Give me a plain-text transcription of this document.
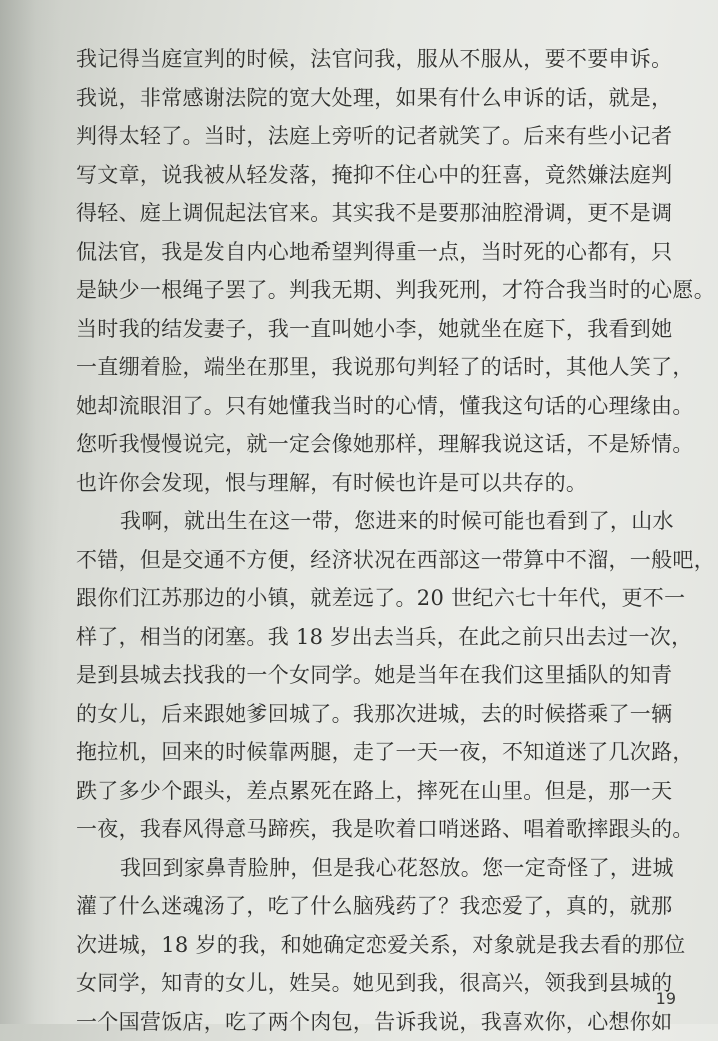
我记得当庭宣判的时候，法官问我，服从不服从，要不要申诉。
我说，非常感谢法院的宽大处理，如果有什么申诉的话，就是，
判得太轻了。当时，法庭上旁听的记者就笑了。后来有些小记者
写文章，说我被从轻发落，掩抑不住心中的狂喜，竟然嫌法庭判
得轻、庭上调侃起法官来。其实我不是要那油腔滑调，更不是调
侃法官，我是发自内心地希望判得重一点，当时死的心都有，只
是缺少一根绳子罢了。判我无期、判我死刑，才符合我当时的心愿。
当时我的结发妻子，我一直叫她小李，她就坐在庭下，我看到她
一直绷着脸，端坐在那里，我说那句判轻了的话时，其他人笑了，
她却流眼泪了。只有她懂我当时的心情，懂我这句话的心理缘由。
您听我慢慢说完，就一定会像她那样，理解我说这话，不是矫情。
也许你会发现，恨与理解，有时候也许是可以共存的。
我啊，就出生在这一带，您进来的时候可能也看到了，山水
不错，但是交通不方便，经济状况在西部这一带算中不溜，一般吧，
跟你们江苏那边的小镇，就差远了。20 世纪六七十年代，更不一
样了，相当的闭塞。我 18 岁出去当兵，在此之前只出去过一次，
是到县城去找我的一个女同学。她是当年在我们这里插队的知青
的女儿，后来跟她爹回城了。我那次进城，去的时候搭乘了一辆
拖拉机，回来的时候靠两腿，走了一天一夜，不知道迷了几次路，
跌了多少个跟头，差点累死在路上，摔死在山里。但是，那一天
一夜，我春风得意马蹄疾，我是吹着口哨迷路、唱着歌摔跟头的。
我回到家鼻青脸肿，但是我心花怒放。您一定奇怪了，进城
灌了什么迷魂汤了，吃了什么脑残药了？我恋爱了，真的，就那
次进城，18 岁的我，和她确定恋爱关系，对象就是我去看的那位
女同学，知青的女儿，姓吴。她见到我，很高兴，领我到县城的
一个国营饭店，吃了两个肉包，告诉我说，我喜欢你，心想你如
19
